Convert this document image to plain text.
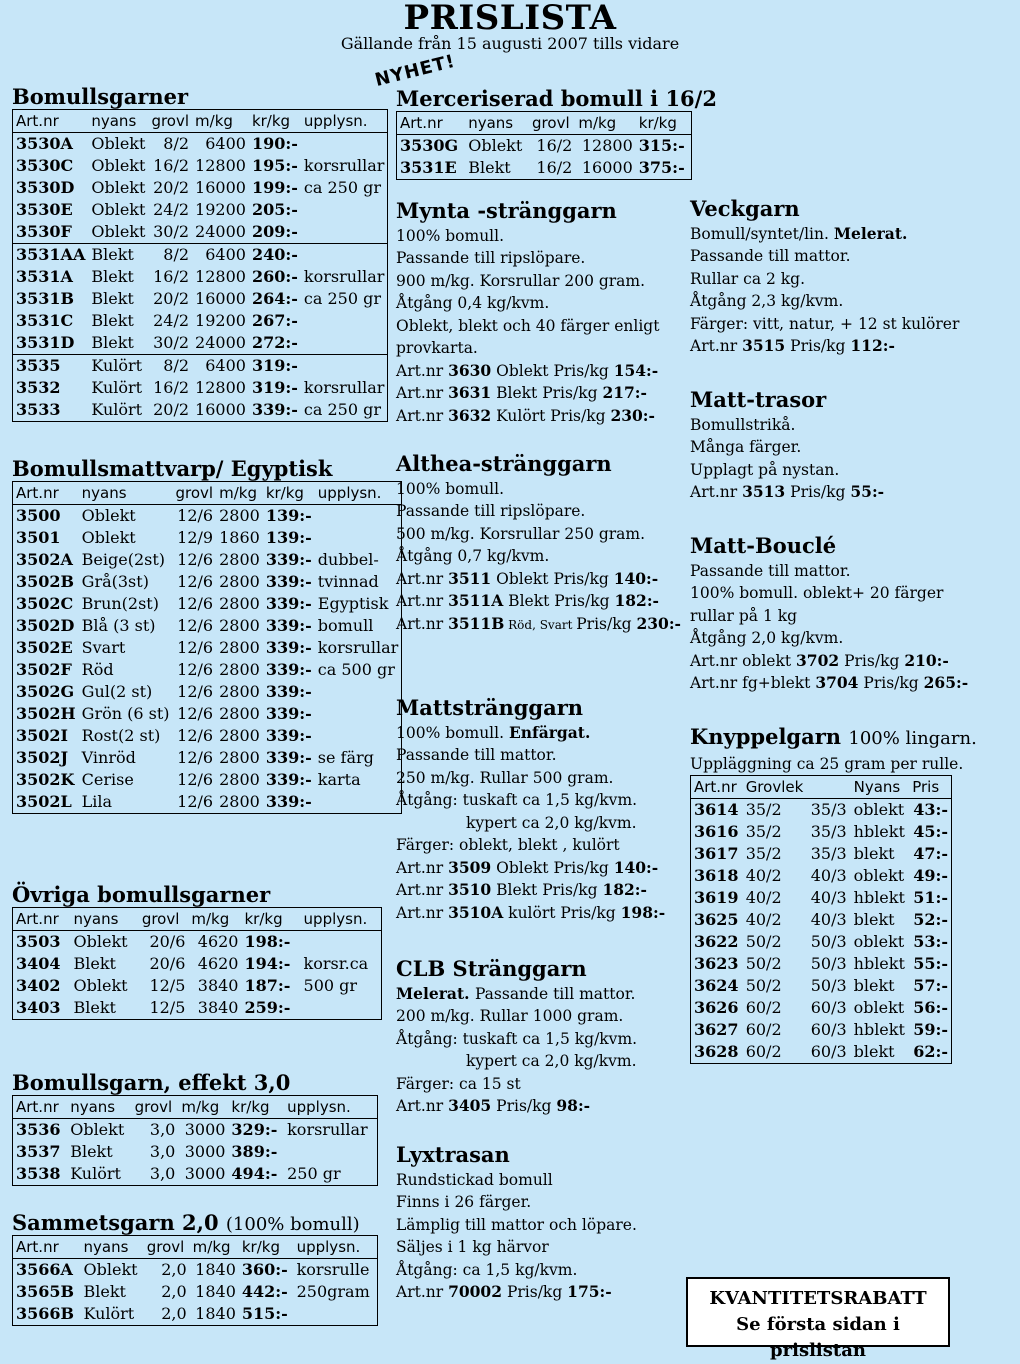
PRISLISTA
Gällande från 15 augusti 2007 tills vidare
NYHET!
Bomullsgarner
Art.nr	nyans	grovl	m/kg	kr/kg	upplysn.
3530A	Oblekt	8/2	6400	190:-	
3530C	Oblekt	16/2	12800	195:-	korsrullar
3530D	Oblekt	20/2	16000	199:-	ca 250 gr
3530E	Oblekt	24/2	19200	205:-	
3530F	Oblekt	30/2	24000	209:-	
3531AA	Blekt	8/2	6400	240:-	
3531A	Blekt	16/2	12800	260:-	korsrullar
3531B	Blekt	20/2	16000	264:-	ca 250 gr
3531C	Blekt	24/2	19200	267:-	
3531D	Blekt	30/2	24000	272:-	
3535	Kulört	8/2	6400	319:-	
3532	Kulört	16/2	12800	319:-	korsrullar
3533	Kulört	20/2	16000	339:-	ca 250 gr
Bomullsmattvarp/ Egyptisk
Art.nr	nyans	grovl	m/kg	kr/kg	upplysn.
3500	Oblekt	12/6	2800	139:-	
3501	Oblekt	12/9	1860	139:-	
3502A	Beige(2st)	12/6	2800	339:-	dubbel-
3502B	Grå(3st)	12/6	2800	339:-	tvinnad
3502C	Brun(2st)	12/6	2800	339:-	Egyptisk
3502D	Blå (3 st)	12/6	2800	339:-	bomull
3502E	Svart	12/6	2800	339:-	korsrullar
3502F	Röd	12/6	2800	339:-	ca 500 gr
3502G	Gul(2 st)	12/6	2800	339:-	
3502H	Grön (6 st)	12/6	2800	339:-	
3502I	Rost(2 st)	12/6	2800	339:-	
3502J	Vinröd	12/6	2800	339:-	se färg
3502K	Cerise	12/6	2800	339:-	karta
3502L	Lila	12/6	2800	339:-	
Övriga bomullsgarner
Art.nr	nyans	grovl	m/kg	kr/kg	upplysn.
3503	Oblekt	20/6	4620	198:-	
3404	Blekt	20/6	4620	194:-	korsr.ca
3402	Oblekt	12/5	3840	187:-	500 gr
3403	Blekt	12/5	3840	259:-	
Bomullsgarn, effekt 3,0
Art.nr	nyans	grovl	m/kg	kr/kg	upplysn.
3536	Oblekt	3,0	3000	329:-	korsrullar
3537	Blekt	3,0	3000	389:-	
3538	Kulört	3,0	3000	494:-	250 gr
Sammetsgarn 2,0 (100% bomull)
Art.nr	nyans	grovl	m/kg	kr/kg	upplysn.
3566A	Oblekt	2,0	1840	360:-	korsrulle
3565B	Blekt	2,0	1840	442:-	250gram
3566B	Kulört	2,0	1840	515:-	
Merceriserad bomull i 16/2
Art.nr	nyans	grovl	m/kg	kr/kg
3530G	Oblekt	16/2	12800	315:-
3531E	Blekt	16/2	16000	375:-
Mynta -stränggarn

100% bomull.

Passande till ripslöpare.

900 m/kg. Korsrullar 200 gram.

Åtgång 0,4 kg/kvm.

Oblekt, blekt och 40 färger enligt

provkarta.

Art.nr 3630 Oblekt Pris/kg 154:-

Art.nr 3631 Blekt Pris/kg 217:-

Art.nr 3632 Kulört Pris/kg 230:-

Althea-stränggarn

100% bomull.

Passande till ripslöpare.

500 m/kg. Korsrullar 250 gram.

Åtgång 0,7 kg/kvm.

Art.nr 3511 Oblekt Pris/kg 140:-

Art.nr 3511A Blekt Pris/kg 182:-

Art.nr 3511B Röd, Svart Pris/kg 230:-

Mattstränggarn

100% bomull. Enfärgat.

Passande till mattor.

250 m/kg. Rullar 500 gram.

Åtgång: tuskaft ca 1,5 kg/kvm.

kypert ca 2,0 kg/kvm.

Färger: oblekt, blekt , kulört

Art.nr 3509 Oblekt Pris/kg 140:-

Art.nr 3510 Blekt Pris/kg 182:-

Art.nr 3510A kulört Pris/kg 198:-

CLB Stränggarn

Melerat. Passande till mattor.

200 m/kg. Rullar 1000 gram.

Åtgång: tuskaft ca 1,5 kg/kvm.

kypert ca 2,0 kg/kvm.

Färger: ca 15 st

Art.nr 3405 Pris/kg 98:-

Lyxtrasan

Rundstickad bomull

Finns i 26 färger.

Lämplig till mattor och löpare.

Säljes i 1 kg härvor

Åtgång: ca 1,5 kg/kvm.

Art.nr 70002 Pris/kg 175:-

Veckgarn

Bomull/syntet/lin. Melerat.

Passande till mattor.

Rullar ca 2 kg.

Åtgång 2,3 kg/kvm.

Färger: vitt, natur, + 12 st kulörer

Art.nr 3515 Pris/kg 112:-

Matt-trasor

Bomullstrikå.

Många färger.

Upplagt på nystan.

Art.nr 3513 Pris/kg 55:-

Matt-Bouclé

Passande till mattor.

100% bomull. oblekt+ 20 färger

rullar på 1 kg

Åtgång 2,0 kg/kvm.

Art.nr oblekt 3702 Pris/kg 210:-

Art.nr fg+blekt 3704 Pris/kg 265:-

Knyppelgarn 100% lingarn.

Uppläggning ca 25 gram per rulle.

Art.nr	Grovlek		Nyans	Pris
3614	35/2	35/3	oblekt	43:-
3616	35/2	35/3	hblekt	45:-
3617	35/2	35/3	blekt	47:-
3618	40/2	40/3	oblekt	49:-
3619	40/2	40/3	hblekt	51:-
3625	40/2	40/3	blekt	52:-
3622	50/2	50/3	oblekt	53:-
3623	50/2	50/3	hblekt	55:-
3624	50/2	50/3	blekt	57:-
3626	60/2	60/3	oblekt	56:-
3627	60/2	60/3	hblekt	59:-
3628	60/2	60/3	blekt	62:-
KVANTITETSRABATT
Se första sidan i prislistan
